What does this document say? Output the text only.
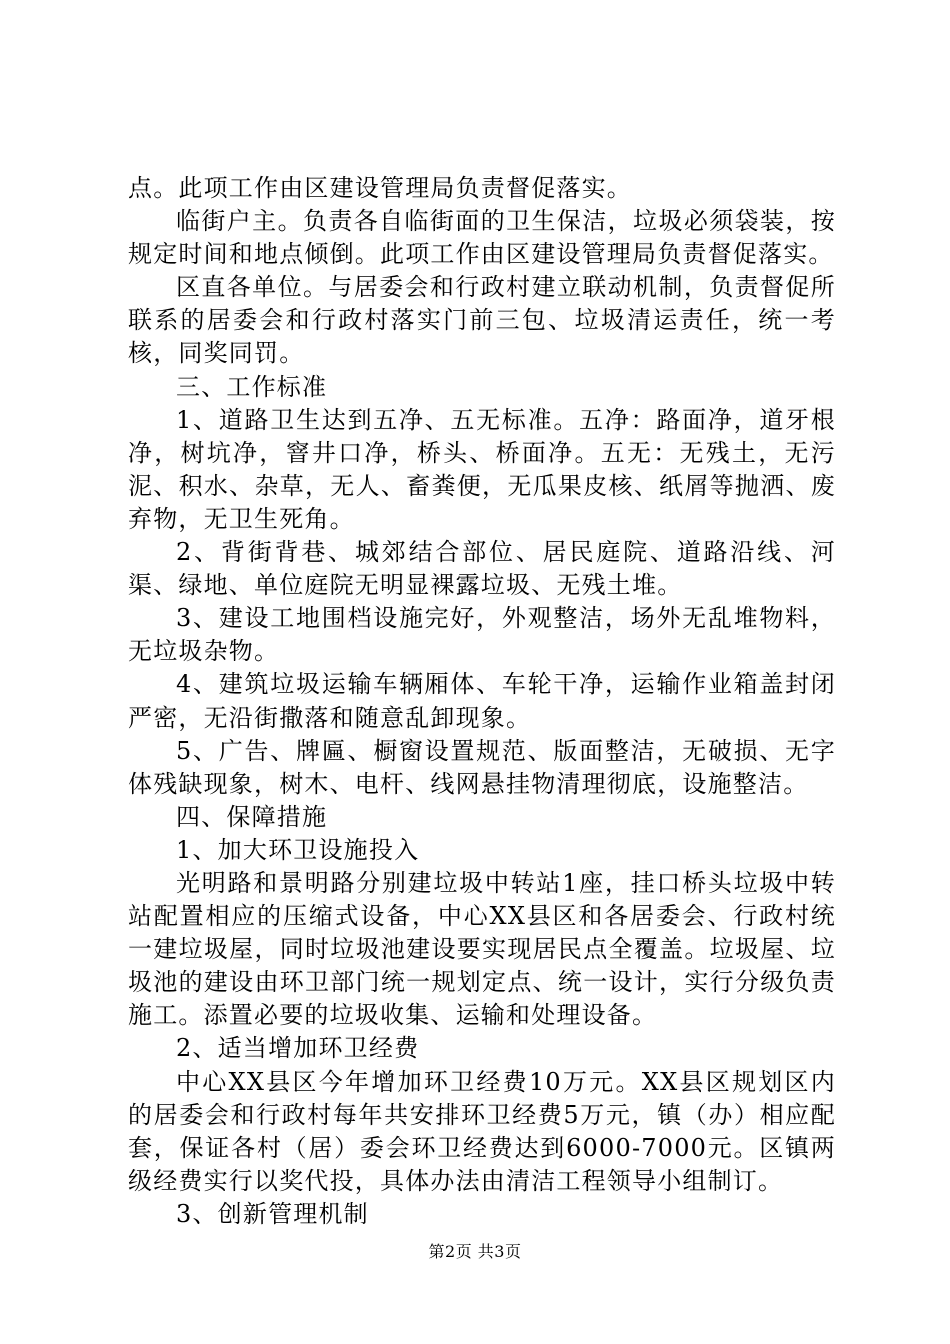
点。此项工作由区建设管理局负责督促落实。

临街户主。负责各自临街面的卫生保洁，垃圾必须袋装，按规定时间和地点倾倒。此项工作由区建设管理局负责督促落实。

区直各单位。与居委会和行政村建立联动机制，负责督促所联系的居委会和行政村落实门前三包、垃圾清运责任，统一考核，同奖同罚。

三、工作标准

1、道路卫生达到五净、五无标准。五净：路面净，道牙根净，树坑净，窨井口净，桥头、桥面净。五无：无残土，无污泥、积水、杂草，无人、畜粪便，无瓜果皮核、纸屑等抛洒、废弃物，无卫生死角。

2、背街背巷、城郊结合部位、居民庭院、道路沿线、河渠、绿地、单位庭院无明显裸露垃圾、无残土堆。

3、建设工地围档设施完好，外观整洁，场外无乱堆物料，无垃圾杂物。

4、建筑垃圾运输车辆厢体、车轮干净，运输作业箱盖封闭严密，无沿街撒落和随意乱卸现象。

5、广告、牌匾、橱窗设置规范、版面整洁，无破损、无字体残缺现象，树木、电杆、线网悬挂物清理彻底，设施整洁。

四、保障措施

1、加大环卫设施投入

光明路和景明路分别建垃圾中转站1座，挂口桥头垃圾中转站配置相应的压缩式设备，中心XX县区和各居委会、行政村统一建垃圾屋，同时垃圾池建设要实现居民点全覆盖。垃圾屋、垃圾池的建设由环卫部门统一规划定点、统一设计，实行分级负责施工。添置必要的垃圾收集、运输和处理设备。

2、适当增加环卫经费

中心XX县区今年增加环卫经费10万元。XX县区规划区内的居委会和行政村每年共安排环卫经费5万元，镇（办）相应配套，保证各村（居）委会环卫经费达到6000-7000元。区镇两级经费实行以奖代投，具体办法由清洁工程领导小组制订。

3、创新管理机制

第2页 共3页
